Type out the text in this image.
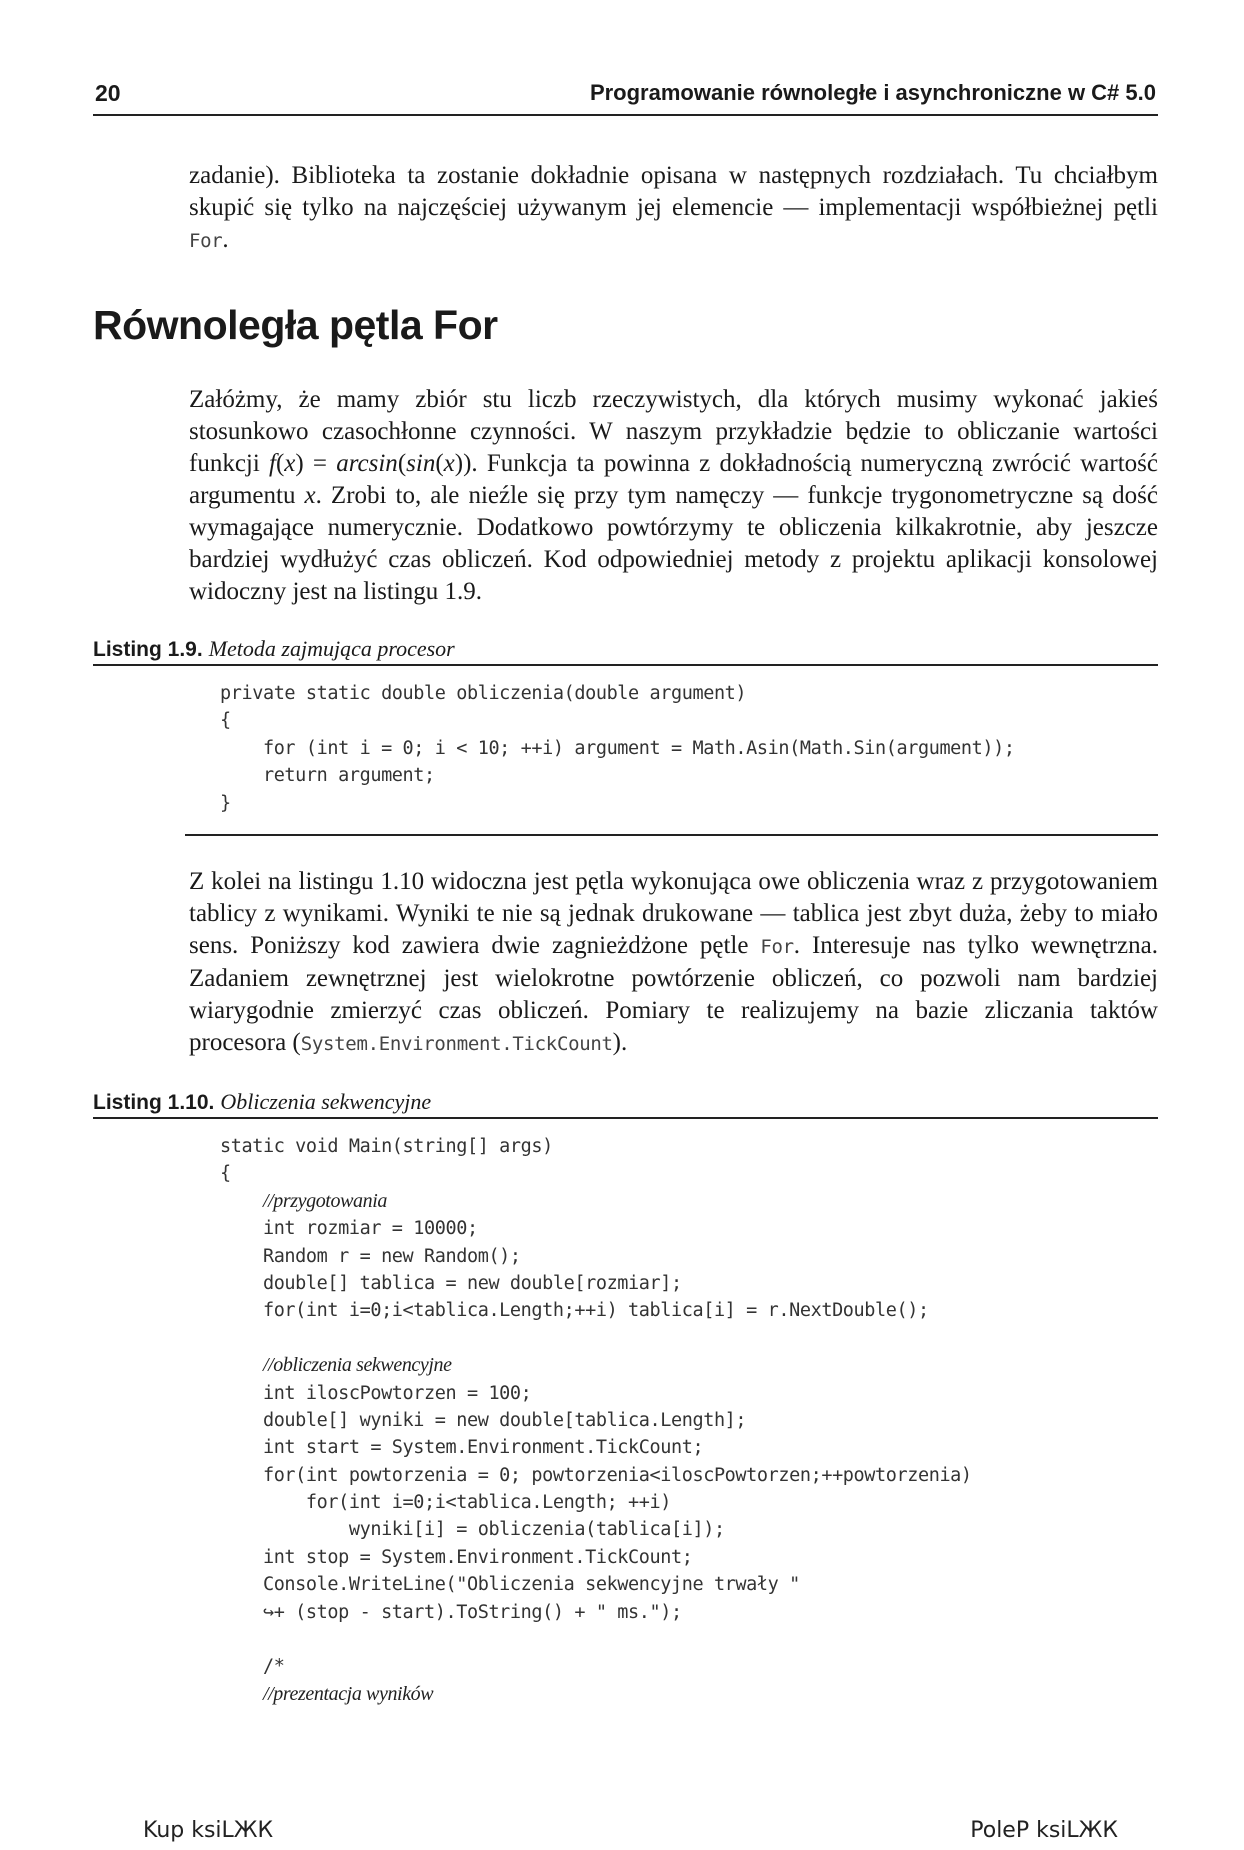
20	Programowanie równoległe i asynchroniczne w C# 5.0
zadanie). Biblioteka ta zostanie dokładnie opisana w następnych rozdziałach. Tu chciałbym skupić się tylko na najczęściej używanym jej elemencie — implementacji współbieżnej pętli For.
Równoległa pętla For
Załóżmy, że mamy zbiór stu liczb rzeczywistych, dla których musimy wykonać jakieś stosunkowo czasochłonne czynności. W naszym przykładzie będzie to obliczanie wartości funkcji f(x) = arcsin(sin(x)). Funkcja ta powinna z dokładnością numeryczną zwrócić wartość argumentu x. Zrobi to, ale nieźle się przy tym namęczy — funkcje trygonometryczne są dość wymagające numerycznie. Dodatkowo powtórzymy te obliczenia kilkakrotnie, aby jeszcze bardziej wydłużyć czas obliczeń. Kod odpowiedniej metody z projektu aplikacji konsolowej widoczny jest na listingu 1.9.
Listing 1.9. Metoda zajmująca procesor
private static double obliczenia(double argument)
{
for (int i = 0; i < 10; ++i) argument = Math.Asin(Math.Sin(argument));
return argument;
}
Z kolei na listingu 1.10 widoczna jest pętla wykonująca owe obliczenia wraz z przygotowaniem tablicy z wynikami. Wyniki te nie są jednak drukowane — tablica jest zbyt duża, żeby to miało sens. Poniższy kod zawiera dwie zagnieżdżone pętle For. Interesuje nas tylko wewnętrzna. Zadaniem zewnętrznej jest wielokrotne powtórzenie obliczeń, co pozwoli nam bardziej wiarygodnie zmierzyć czas obliczeń. Pomiary te realizujemy na bazie zliczania taktów procesora (System.Environment.TickCount).
Listing 1.10. Obliczenia sekwencyjne
static void Main(string[] args)
{
//przygotowania
int rozmiar = 10000;
Random r = new Random();
double[] tablica = new double[rozmiar];
for(int i=0;i<tablica.Length;++i) tablica[i] = r.NextDouble();

//obliczenia sekwencyjne
int iloscPowtorzen = 100;
double[] wyniki = new double[tablica.Length];
int start = System.Environment.TickCount;
for(int powtorzenia = 0; powtorzenia<iloscPowtorzen;++powtorzenia)
for(int i=0;i<tablica.Length; ++i)
wyniki[i] = obliczenia(tablica[i]);
int stop = System.Environment.TickCount;
Console.WriteLine("Obliczenia sekwencyjne trwały "
↪+ (stop - start).ToString() + " ms.");

/*
//prezentacja wyników
Kup ksiLЖК	PoleP ksiLЖК
